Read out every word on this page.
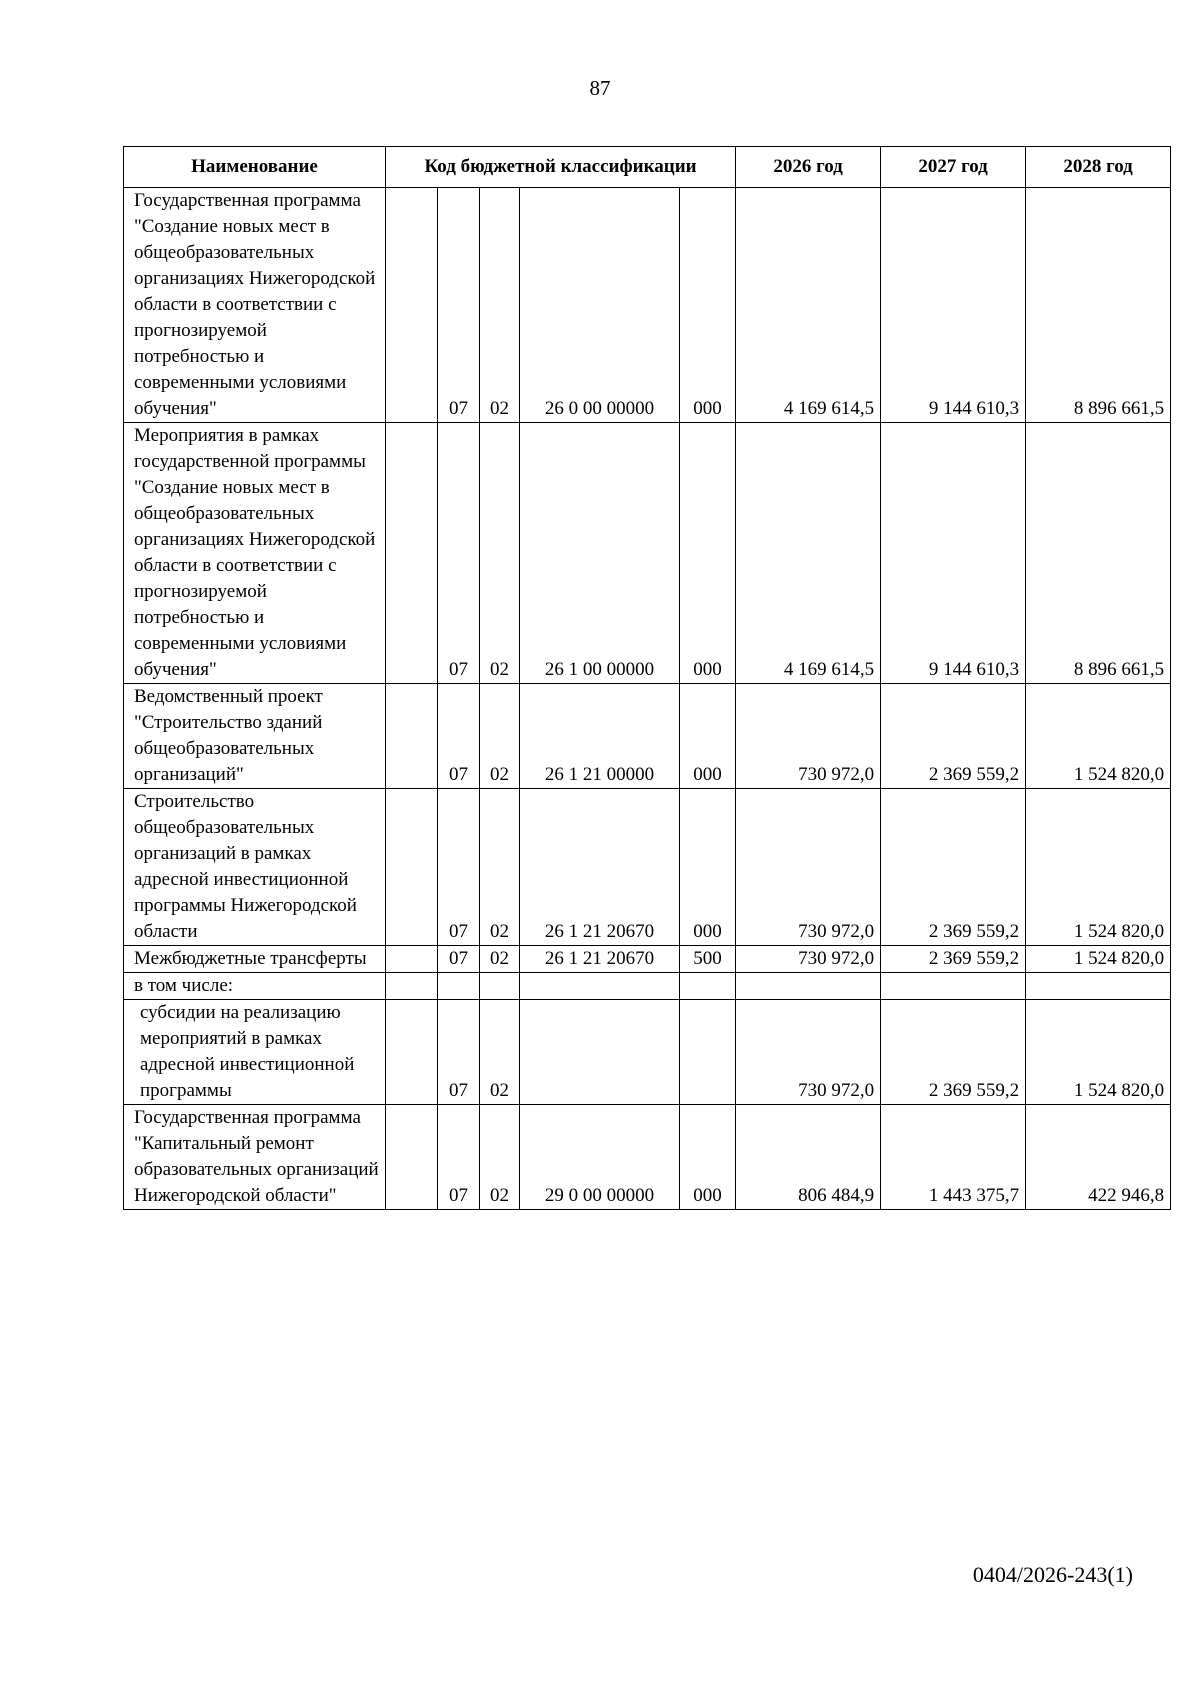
87
Наименование	Код бюджетной классификации					2026 год	2027 год	2028 год
Государственная программа "Создание новых мест в общеобразовательных организациях Нижегородской области в соответствии с прогнозируемой потребностью и современными условиями обучения"		07	02	26 0 00 00000	000	4 169 614,5	9 144 610,3	8 896 661,5
Мероприятия в рамках государственной программы "Создание новых мест в общеобразовательных организациях Нижегородской области в соответствии с прогнозируемой потребностью и современными условиями обучения"		07	02	26 1 00 00000	000	4 169 614,5	9 144 610,3	8 896 661,5
Ведомственный проект "Строительство зданий общеобразовательных организаций"		07	02	26 1 21 00000	000	730 972,0	2 369 559,2	1 524 820,0
Строительство общеобразовательных организаций в рамках адресной инвестиционной программы Нижегородской области		07	02	26 1 21 20670	000	730 972,0	2 369 559,2	1 524 820,0
Межбюджетные трансферты		07	02	26 1 21 20670	500	730 972,0	2 369 559,2	1 524 820,0
в том числе:								
субсидии на реализацию мероприятий в рамках адресной инвестиционной программы		07	02			730 972,0	2 369 559,2	1 524 820,0
Государственная программа "Капитальный ремонт образовательных организаций Нижегородской области"		07	02	29 0 00 00000	000	806 484,9	1 443 375,7	422 946,8
0404/2026-243(1)
